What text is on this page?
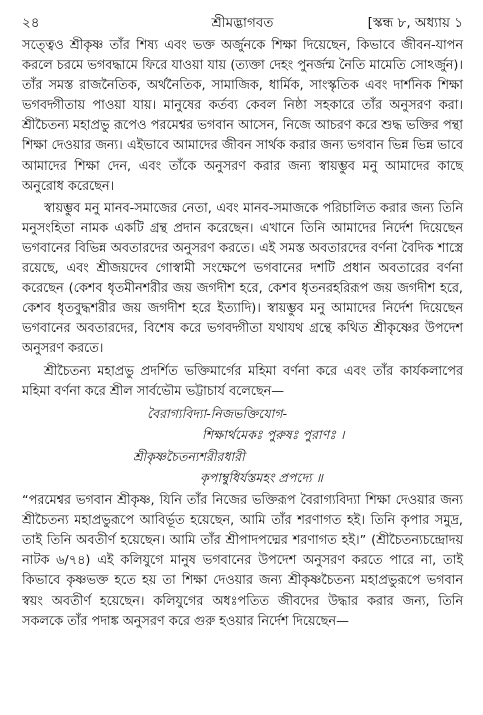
২৪	শ্রীমদ্ভাগবত	[স্কন্ধ ৮, অধ্যায় ১

সত্ত্বেও শ্রীকৃষ্ণ তাঁর শিষ্য এবং ভক্ত অর্জুনকে শিক্ষা দিয়েছেন, কিভাবে জীবন-যাপন করলে চরমে ভগবদ্ধামে ফিরে যাওয়া যায় (ত্যক্তা দেহং পুনর্জন্ম নৈতি মামেতি সোঽর্জুন)। তাঁর সমস্ত রাজনৈতিক, অর্থনৈতিক, সামাজিক, ধার্মিক, সাংস্কৃতিক এবং দার্শনিক শিক্ষা ভগবদ্গীতায় পাওয়া যায়। মানুষের কর্তব্য কেবল নিষ্ঠা সহকারে তাঁর অনুসরণ করা। শ্রীচৈতন্য মহাপ্রভু রূপেও পরমেশ্বর ভগবান আসেন, নিজে আচরণ করে শুদ্ধ ভক্তির পন্থা শিক্ষা দেওয়ার জন্য। এইভাবে আমাদের জীবন সার্থক করার জন্য ভগবান ভিন্ন ভিন্ন ভাবে আমাদের শিক্ষা দেন, এবং তাঁকে অনুসরণ করার জন্য স্বায়ম্ভুব মনু আমাদের কাছে অনুরোধ করেছেন।

স্বায়ম্ভুব মনু মানব-সমাজের নেতা, এবং মানব-সমাজকে পরিচালিত করার জন্য তিনি মনুসংহিতা নামক একটি গ্রন্থ প্রদান করেছেন। এখানে তিনি আমাদের নির্দেশ দিয়েছেন ভগবানের বিভিন্ন অবতারদের অনুসরণ করতে। এই সমস্ত অবতারদের বর্ণনা বৈদিক শাস্ত্রে রয়েছে, এবং শ্রীজয়দেব গোস্বামী সংক্ষেপে ভগবানের দশটি প্রধান অবতারের বর্ণনা করেছেন (কেশব ধৃতমীনশরীর জয় জগদীশ হরে, কেশব ধৃতনরহরিরূপ জয় জগদীশ হরে, কেশব ধৃতবুদ্ধশরীর জয় জগদীশ হরে ইত্যাদি)। স্বায়ম্ভুব মনু আমাদের নির্দেশ দিয়েছেন ভগবানের অবতারদের, বিশেষ করে ভগবদ্গীতা যথাযথ গ্রন্থে কথিত শ্রীকৃষ্ণের উপদেশ অনুসরণ করতে।

শ্রীচৈতন্য মহাপ্রভু প্রদর্শিত ভক্তিমার্গের মহিমা বর্ণনা করে এবং তাঁর কার্যকলাপের মহিমা বর্ণনা করে শ্রীল সার্বভৌম ভট্টাচার্য বলেছেন—

বৈরাগ্যবিদ্যা-নিজভক্তিযোগ-
শিক্ষার্থমেকঃ পুরুষঃ পুরাণঃ ।
শ্রীকৃষ্ণচৈতন্যশরীরধারী
কৃপাম্বুধির্যস্তমহং প্রপদ্যে ॥

“পরমেশ্বর ভগবান শ্রীকৃষ্ণ, যিনি তাঁর নিজের ভক্তিরূপ বৈরাগ্যবিদ্যা শিক্ষা দেওয়ার জন্য শ্রীচৈতন্য মহাপ্রভুরূপে আবির্ভূত হয়েছেন, আমি তাঁর শরণাগত হই। তিনি কৃপার সমুদ্র, তাই তিনি অবতীর্ণ হয়েছেন। আমি তাঁর শ্রীপাদপদ্মের শরণাগত হই।” (শ্রীচৈতন্যচন্দ্রোদয় নাটক ৬/৭৪) এই কলিযুগে মানুষ ভগবানের উপদেশ অনুসরণ করতে পারে না, তাই কিভাবে কৃষ্ণভক্ত হতে হয় তা শিক্ষা দেওয়ার জন্য শ্রীকৃষ্ণচৈতন্য মহাপ্রভুরূপে ভগবান স্বয়ং অবতীর্ণ হয়েছেন। কলিযুগের অধঃপতিত জীবদের উদ্ধার করার জন্য, তিনি সকলকে তাঁর পদাঙ্ক অনুসরণ করে গুরু হওয়ার নির্দেশ দিয়েছেন—
